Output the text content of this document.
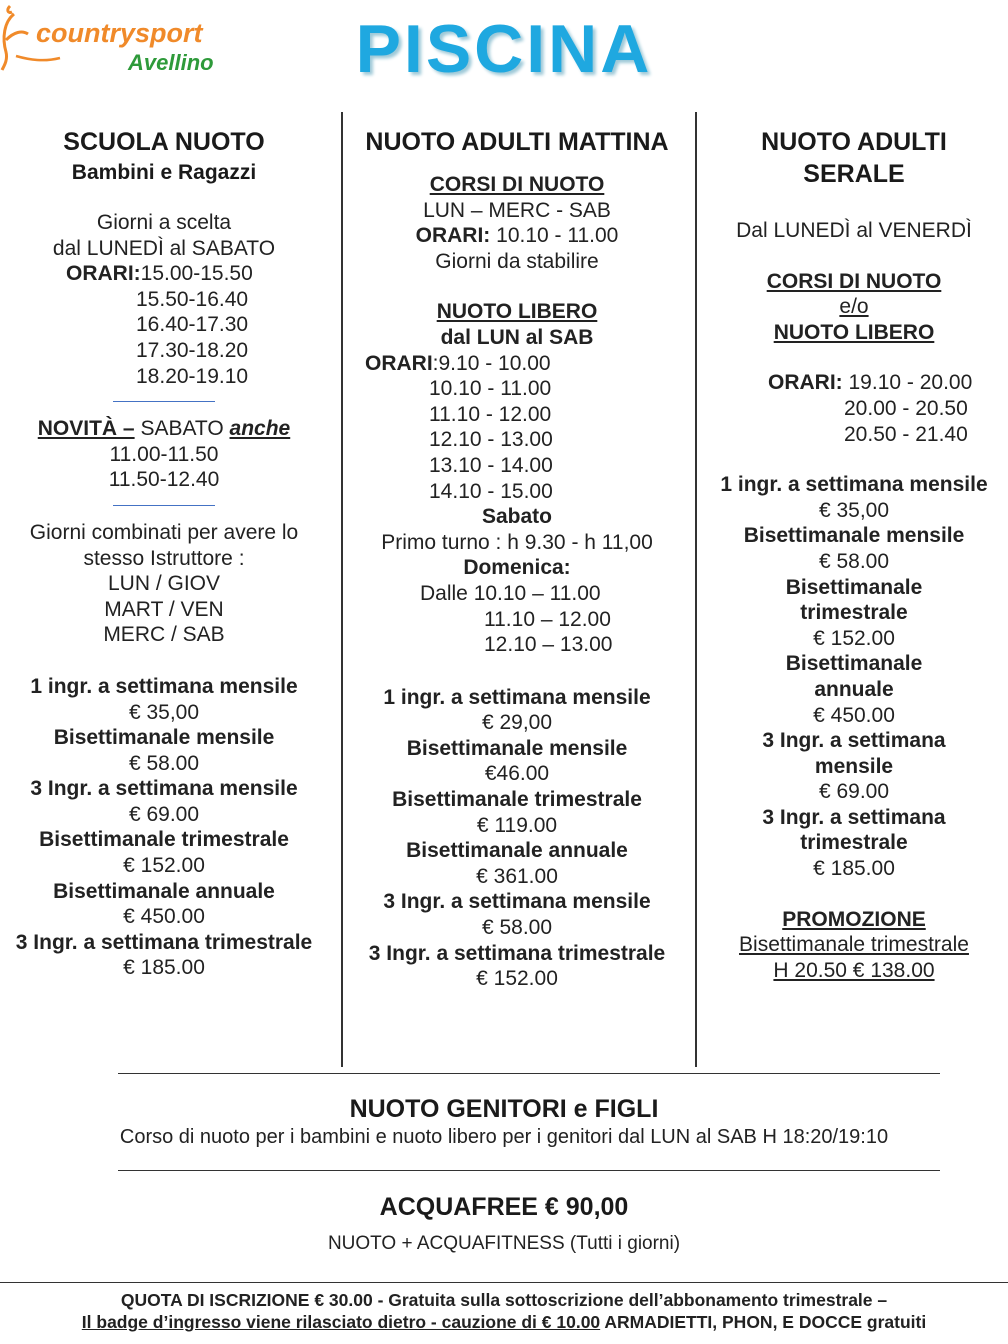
countrysport
Avellino	PISCINA
SCUOLA NUOTO
Bambini e Ragazzi
Giorni a scelta
dal LUNEDÌ al SABATO
ORARI:15.00-15.50
15.50-16.40
16.40-17.30
17.30-18.20
18.20-19.10
NOVITÀ – SABATO anche
11.00-11.50
11.50-12.40
Giorni combinati per avere lo
stesso Istruttore :
LUN / GIOV
MART / VEN
MERC / SAB
1 ingr. a settimana mensile
€ 35,00
Bisettimanale mensile
€ 58.00
3 Ingr. a settimana mensile
€ 69.00
Bisettimanale trimestrale
€ 152.00
Bisettimanale annuale
€ 450.00
3 Ingr. a settimana trimestrale
€ 185.00
NUOTO ADULTI MATTINA
CORSI DI NUOTO
LUN – MERC - SAB
ORARI: 10.10 - 11.00
Giorni da stabilire
NUOTO LIBERO
dal LUN al SAB
ORARI:9.10 - 10.00
10.10 - 11.00
11.10 - 12.00
12.10 - 13.00
13.10 - 14.00
14.10 - 15.00
Sabato
Primo turno : h 9.30 - h 11,00
Domenica:
Dalle 10.10 – 11.00
11.10 – 12.00
12.10 – 13.00
1 ingr. a settimana mensile
€ 29,00
Bisettimanale mensile
€46.00
Bisettimanale trimestrale
€ 119.00
Bisettimanale annuale
€ 361.00
3 Ingr. a settimana mensile
€ 58.00
3 Ingr. a settimana trimestrale
€ 152.00
NUOTO ADULTI
SERALE
Dal LUNEDÌ al VENERDÌ
CORSI DI NUOTO
e/o
NUOTO LIBERO
ORARI: 19.10 - 20.00
20.00 - 20.50
20.50 - 21.40
1 ingr. a settimana mensile
€ 35,00
Bisettimanale mensile
€ 58.00
Bisettimanale
trimestrale
€ 152.00
Bisettimanale
annuale
€ 450.00
3 Ingr. a settimana
mensile
€ 69.00
3 Ingr. a settimana
trimestrale
€ 185.00
PROMOZIONE
Bisettimanale trimestrale
H 20.50 € 138.00
NUOTO GENITORI e FIGLI
Corso di nuoto per i bambini e nuoto libero per i genitori dal LUN al SAB H 18:20/19:10
ACQUAFREE € 90,00
NUOTO + ACQUAFITNESS (Tutti i giorni)
QUOTA DI ISCRIZIONE € 30.00 - Gratuita sulla sottoscrizione dell’abbonamento trimestrale –
Il badge d’ingresso viene rilasciato dietro - cauzione di € 10.00 ARMADIETTI, PHON, E DOCCE gratuiti
